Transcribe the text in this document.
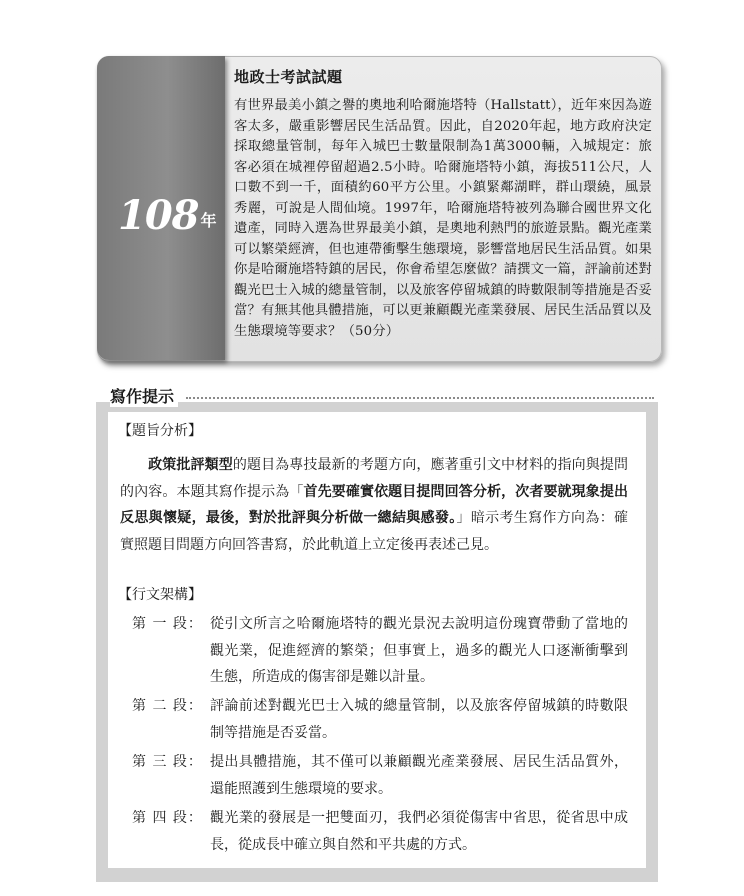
108 年
地政士考試試題
有世界最美小鎮之譽的奧地利哈爾施塔特（Hallstatt），近年來因為遊客太多，嚴重影響居民生活品質。因此，自2020年起，地方政府決定採取總量管制，每年入城巴士數量限制為1萬3000輛，入城規定：旅客必須在城裡停留超過2.5小時。哈爾施塔特小鎮，海拔511公尺，人口數不到一千，面積約60平方公里。小鎮緊鄰湖畔，群山環繞，風景秀麗，可說是人間仙境。1997年，哈爾施塔特被列為聯合國世界文化遺產，同時入選為世界最美小鎮，是奧地利熱門的旅遊景點。觀光產業可以繁榮經濟，但也連帶衝擊生態環境，影響當地居民生活品質。如果你是哈爾施塔特鎮的居民，你會希望怎麼做？請撰文一篇，評論前述對觀光巴士入城的總量管制，以及旅客停留城鎮的時數限制等措施是否妥當？有無其他具體措施，可以更兼顧觀光產業發展、居民生活品質以及生態環境等要求？（50分）
寫作提示
【題旨分析】
政策批評類型的題目為專技最新的考題方向，應著重引文中材料的指向與提問的內容。本題其寫作提示為「首先要確實依題目提問回答分析，次者要就現象提出反思與懷疑，最後，對於批評與分析做一總結與感發。」暗示考生寫作方向為：確實照題目問題方向回答書寫，於此軌道上立定後再表述己見。
【行文架構】
第 一 段： 從引文所言之哈爾施塔特的觀光景況去說明這份瑰寶帶動了當地的觀光業，促進經濟的繁榮；但事實上，過多的觀光人口逐漸衝擊到生態，所造成的傷害卻是難以計量。
第 二 段： 評論前述對觀光巴士入城的總量管制，以及旅客停留城鎮的時數限制等措施是否妥當。
第 三 段： 提出具體措施，其不僅可以兼顧觀光產業發展、居民生活品質外，還能照護到生態環境的要求。
第 四 段： 觀光業的發展是一把雙面刃，我們必須從傷害中省思，從省思中成長，從成長中確立與自然和平共處的方式。
